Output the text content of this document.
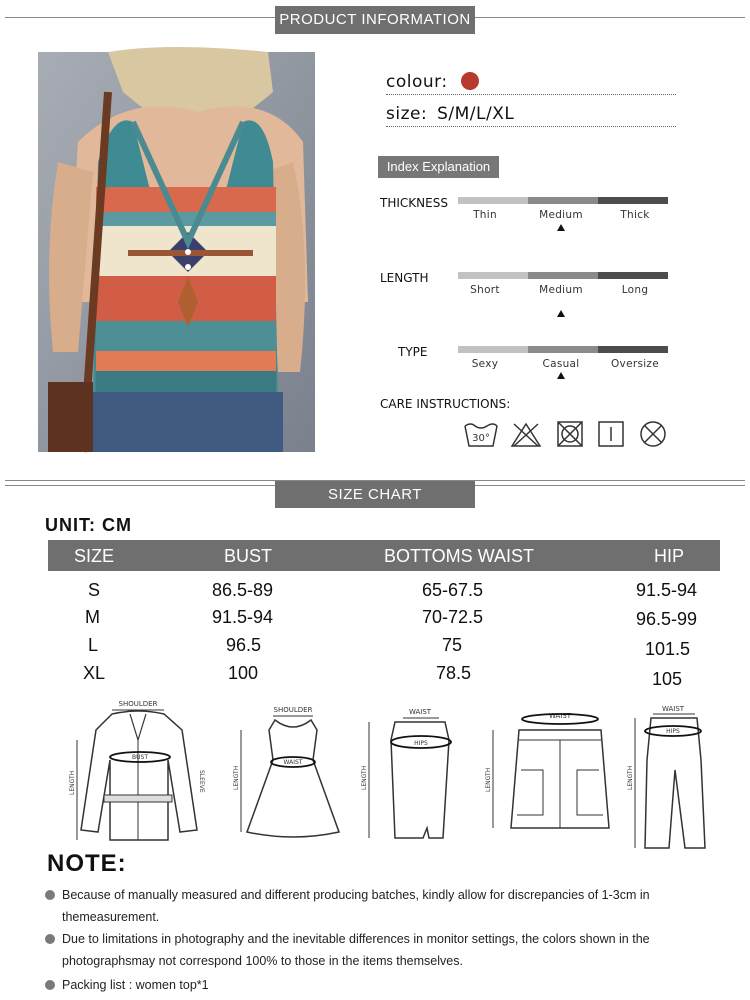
PRODUCT INFORMATION
colour:
size: S/M/L/XL
Index Explanation
THICKNESS
Thin	Medium	Thick
LENGTH
Short	Medium	Long
TYPE
Sexy	Casual	Oversize
CARE INSTRUCTIONS:
30°
SIZE CHART
UNIT: CM
SIZE	BUST	BOTTOMS WAIST	HIP
S	86.5-89	65-67.5	91.5-94
M	91.5-94	70-72.5	96.5-99
L	96.5	75	101.5
XL	100	78.5	105
SHOULDER
BUST
LENGTH	SLEEVE
SHOULDER
WAIST
LENGTH
WAIST
HIPS
LENGTH
WAIST
LENGTH
WAIST
HIPS
LENGTH
NOTE:
Because of manually measured and different producing batches, kindly allow for discrepancies of 1-3cm in
themeasurement.
Due to limitations in photography and the inevitable differences in monitor settings, the colors shown in the
photographsmay not correspond 100% to those in the items themselves.
Packing list : women top*1
